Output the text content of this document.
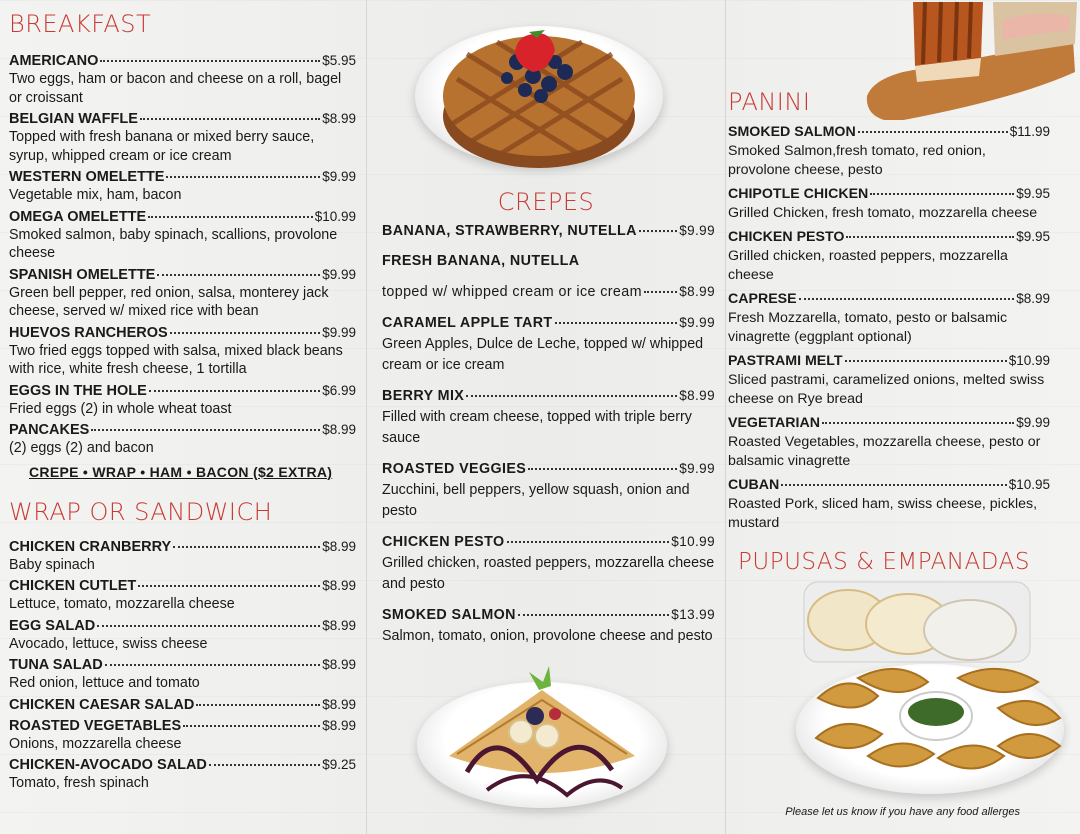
BREAKFAST
AMERICANO	$5.95
Two eggs, ham or bacon and cheese on a roll, bagel or croissant
BELGIAN WAFFLE	$8.99
Topped with fresh banana or mixed berry sauce, syrup, whipped cream or ice cream
WESTERN OMELETTE	$9.99
Vegetable mix, ham, bacon
OMEGA OMELETTE	$10.99
Smoked salmon, baby spinach, scallions, provolone cheese
SPANISH OMELETTE	$9.99
Green bell pepper, red onion, salsa, monterey jack cheese, served w/ mixed rice with bean
HUEVOS RANCHEROS	$9.99
Two fried eggs topped with salsa, mixed black beans with rice, white fresh cheese, 1 tortilla
EGGS IN THE HOLE	$6.99
Fried eggs (2) in whole wheat toast
PANCAKES	$8.99
(2) eggs (2) and bacon
CREPE • WRAP • HAM • BACON ($2 EXTRA)
WRAP OR SANDWICH
CHICKEN CRANBERRY	$8.99
Baby spinach
CHICKEN CUTLET	$8.99
Lettuce, tomato, mozzarella cheese
EGG SALAD	$8.99
Avocado, lettuce, swiss cheese
TUNA SALAD	$8.99
Red onion, lettuce and tomato
CHICKEN CAESAR SALAD	$8.99
ROASTED VEGETABLES	$8.99
Onions, mozzarella cheese
CHICKEN-AVOCADO SALAD	$9.25
Tomato, fresh spinach
CREPES
BANANA, STRAWBERRY, NUTELLA	$9.99
FRESH BANANA, NUTELLA
topped w/ whipped cream or ice cream	$8.99
CARAMEL APPLE TART	$9.99
Green Apples, Dulce de Leche, topped w/ whipped cream or ice cream
BERRY MIX	$8.99
Filled with cream cheese, topped with triple berry sauce
ROASTED VEGGIES	$9.99
Zucchini, bell peppers, yellow squash, onion and pesto
CHICKEN PESTO	$10.99
Grilled chicken, roasted peppers, mozzarella cheese and pesto
SMOKED SALMON	$13.99
Salmon, tomato, onion, provolone cheese and pesto
PANINI
SMOKED SALMON	$11.99
Smoked Salmon,fresh tomato, red onion, provolone cheese, pesto
CHIPOTLE CHICKEN	$9.95
Grilled Chicken, fresh tomato, mozzarella cheese
CHICKEN PESTO	$9.95
Grilled chicken, roasted peppers, mozzarella cheese
CAPRESE	$8.99
Fresh Mozzarella, tomato, pesto or balsamic vinagrette (eggplant optional)
PASTRAMI MELT	$10.99
Sliced pastrami, caramelized onions, melted swiss cheese on Rye bread
VEGETARIAN	$9.99
Roasted Vegetables, mozzarella cheese, pesto or balsamic vinagrette
CUBAN	$10.95
Roasted Pork, sliced ham, swiss cheese, pickles, mustard
PUPUSAS & EMPANADAS
Please let us know if you have any food allerges
